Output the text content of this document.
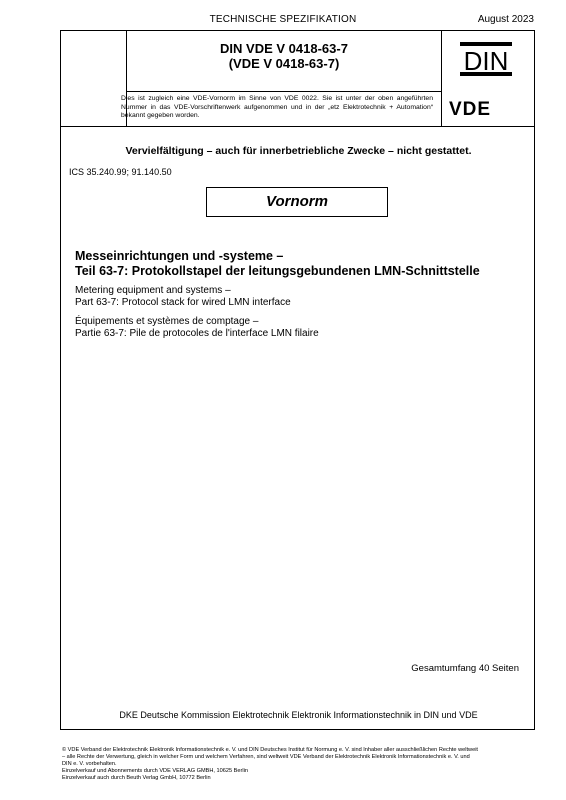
TECHNISCHE SPEZIFIKATION	August 2023
DIN VDE V 0418-63-7
(VDE V 0418-63-7)	DIN
Dies ist zugleich eine VDE-Vornorm im Sinne von VDE 0022. Sie ist unter der oben angeführten Nummer in das VDE-Vorschriftenwerk aufgenommen und in der „etz Elektrotechnik + Automation“ bekannt gegeben worden.	VDE
Vervielfältigung – auch für innerbetriebliche Zwecke – nicht gestattet.
ICS 35.240.99; 91.140.50
Vornorm
Messeinrichtungen und -systeme –
Teil 63-7: Protokollstapel der leitungsgebundenen LMN-Schnittstelle
Metering equipment and systems –
Part 63-7: Protocol stack for wired LMN interface
Équipements et systèmes de comptage –
Partie 63-7: Pile de protocoles de l'interface LMN filaire
Gesamtumfang 40 Seiten
DKE Deutsche Kommission Elektrotechnik Elektronik Informationstechnik in DIN und VDE
© VDE Verband der Elektrotechnik Elektronik Informationstechnik e. V. und DIN Deutsches Institut für Normung e. V. sind Inhaber aller ausschließlichen Rechte weltweit
– alle Rechte der Verwertung, gleich in welcher Form und welchem Verfahren, sind weltweit VDE Verband der Elektrotechnik Elektronik Informationstechnik e. V. und
DIN e. V. vorbehalten.
Einzelverkauf und Abonnements durch VDE VERLAG GMBH, 10625 Berlin
Einzelverkauf auch durch Beuth Verlag GmbH, 10772 Berlin
